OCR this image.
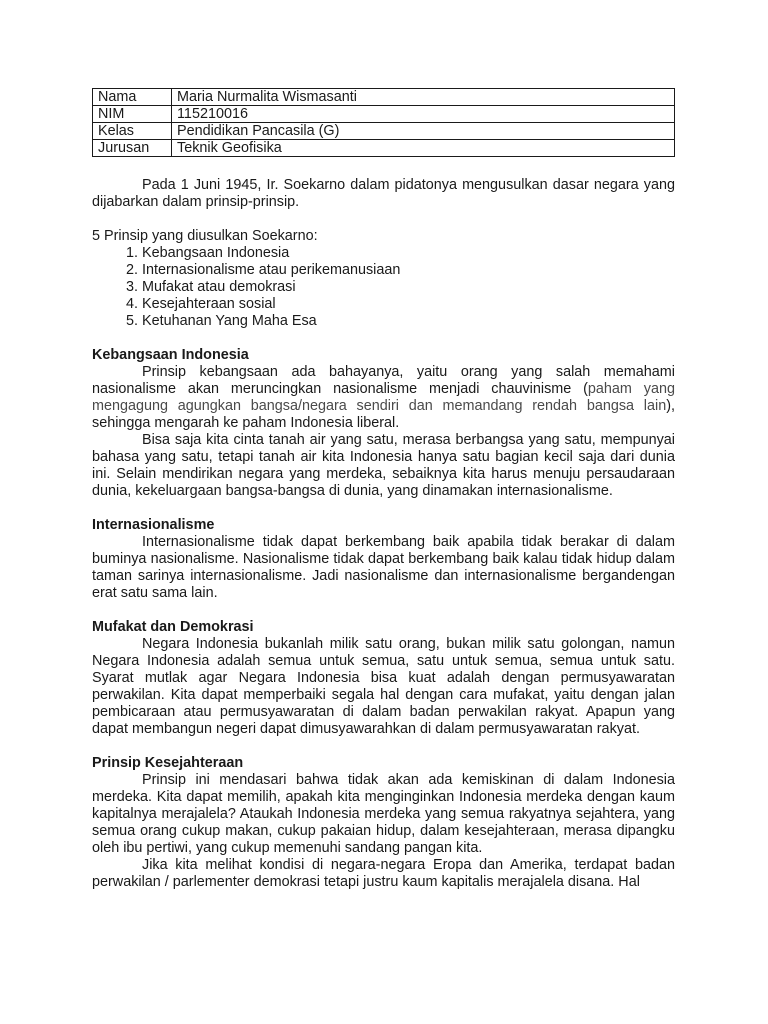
Nama	Maria Nurmalita Wismasanti
NIM	115210016
Kelas	Pendidikan Pancasila (G)
Jurusan	Teknik Geofisika

Pada 1 Juni 1945, Ir. Soekarno dalam pidatonya mengusulkan dasar negara yang dijabarkan dalam prinsip-prinsip.

5 Prinsip yang diusulkan Soekarno:

1. Kebangsaan Indonesia
2. Internasionalisme atau perikemanusiaan
3. Mufakat atau demokrasi
4. Kesejahteraan sosial
5. Ketuhanan Yang Maha Esa
Kebangsaan Indonesia

Prinsip kebangsaan ada bahayanya, yaitu orang yang salah memahami nasionalisme akan meruncingkan nasionalisme menjadi chauvinisme (paham yang mengagung agungkan bangsa/negara sendiri dan memandang rendah bangsa lain), sehingga mengarah ke paham Indonesia liberal.

Bisa saja kita cinta tanah air yang satu, merasa berbangsa yang satu, mempunyai bahasa yang satu, tetapi tanah air kita Indonesia hanya satu bagian kecil saja dari dunia ini. Selain mendirikan negara yang merdeka, sebaiknya kita harus menuju persaudaraan dunia, kekeluargaan bangsa-bangsa di dunia, yang dinamakan internasionalisme.

Internasionalisme

Internasionalisme tidak dapat berkembang baik apabila tidak berakar di dalam buminya nasionalisme. Nasionalisme tidak dapat berkembang baik kalau tidak hidup dalam taman sarinya internasionalisme. Jadi nasionalisme dan internasionalisme bergandengan erat satu sama lain.

Mufakat dan Demokrasi

Negara Indonesia bukanlah milik satu orang, bukan milik satu golongan, namun Negara Indonesia adalah semua untuk semua, satu untuk semua, semua untuk satu. Syarat mutlak agar Negara Indonesia bisa kuat adalah dengan permusyawaratan perwakilan. Kita dapat memperbaiki segala hal dengan cara mufakat, yaitu dengan jalan pembicaraan atau permusyawaratan di dalam badan perwakilan rakyat. Apapun yang dapat membangun negeri dapat dimusyawarahkan di dalam permusyawaratan rakyat.

Prinsip Kesejahteraan

Prinsip ini mendasari bahwa tidak akan ada kemiskinan di dalam Indonesia merdeka. Kita dapat memilih, apakah kita menginginkan Indonesia merdeka dengan kaum kapitalnya merajalela? Ataukah Indonesia merdeka yang semua rakyatnya sejahtera, yang semua orang cukup makan, cukup pakaian hidup, dalam kesejahteraan, merasa dipangku oleh ibu pertiwi, yang cukup memenuhi sandang pangan kita.

Jika kita melihat kondisi di negara-negara Eropa dan Amerika, terdapat badan perwakilan / parlementer demokrasi tetapi justru kaum kapitalis merajalela disana. Hal
